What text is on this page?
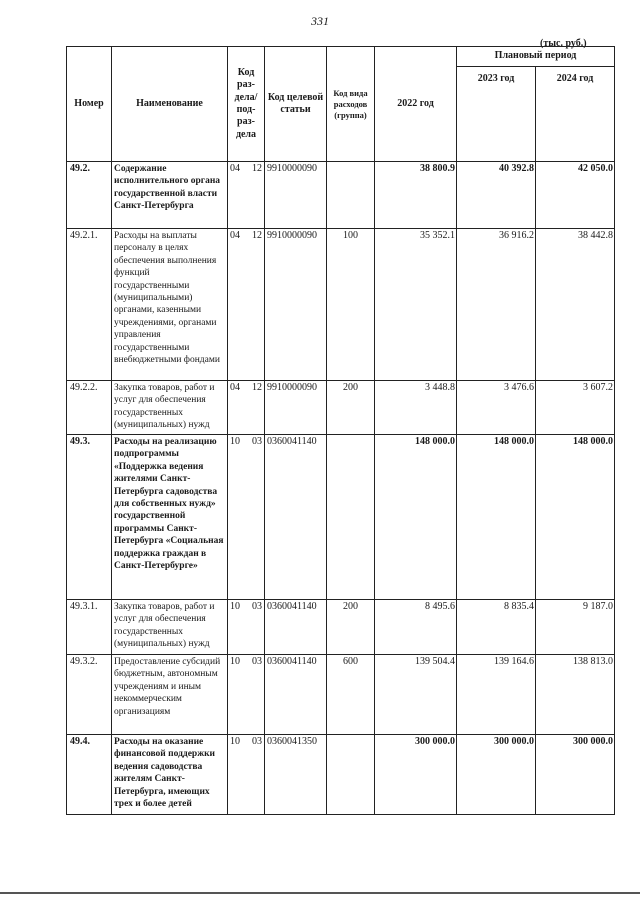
331
(тыс. руб.)
Номер	Наименование	Код раз- дела/ под- раз- дела	Код целевой статьи	Код вида расходов (группа)	2022 год	Плановый период	
						2023 год	2024 год
49.2.	Содержание исполнительного органа государственной власти Санкт-Петербурга	04 12	9910000090		38 800.9	40 392.8	42 050.0
49.2.1.	Расходы на выплаты персоналу в целях обеспечения выполнения функций государственными (муниципальными) органами, казенными учреждениями, органами управления государственными внебюджетными фондами	04 12	9910000090	100	35 352.1	36 916.2	38 442.8
49.2.2.	Закупка товаров, работ и услуг для обеспечения государственных (муниципальных) нужд	04 12	9910000090	200	3 448.8	3 476.6	3 607.2
49.3.	Расходы на реализацию подпрограммы «Поддержка ведения жителями Санкт-Петербурга садоводства для собственных нужд» государственной программы Санкт-Петербурга «Социальная поддержка граждан в Санкт-Петербурге»	10 03	0360041140		148 000.0	148 000.0	148 000.0
49.3.1.	Закупка товаров, работ и услуг для обеспечения государственных (муниципальных) нужд	10 03	0360041140	200	8 495.6	8 835.4	9 187.0
49.3.2.	Предоставление субсидий бюджетным, автономным учреждениям и иным некоммерческим организациям	10 03	0360041140	600	139 504.4	139 164.6	138 813.0
49.4.	Расходы на оказание финансовой поддержки ведения садоводства жителям Санкт-Петербурга, имеющих трех и более детей	10 03	0360041350		300 000.0	300 000.0	300 000.0
